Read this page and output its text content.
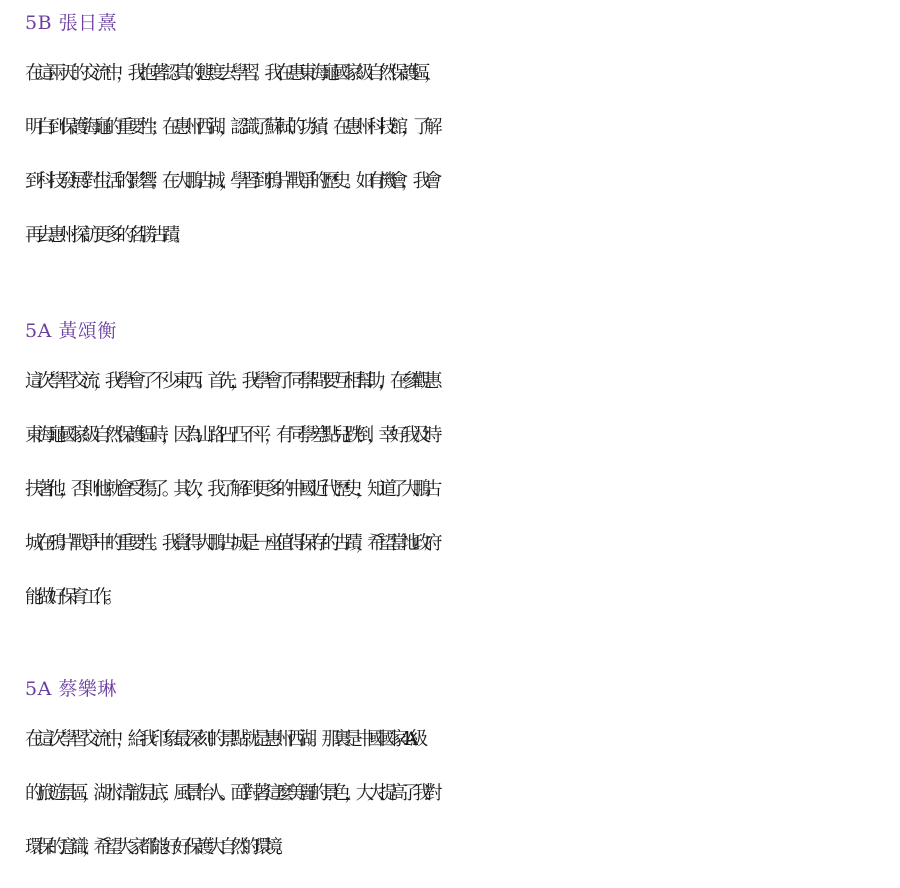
5B 張日熹
在這兩天的交流中，我抱著認真的態度去學習。我在惠東海龜國家級自然保護區，
明白到保護海龜的重要性；在惠州西湖，認識了蘇軾的功績；在惠州科技館，了解
到科技發展對生活的影響；在大鵬古城，學習到鴉片戰爭的歷史。如有機會，我會
再去惠州探訪更多的名勝古蹟。
5A 黃頌衡
這次學習交流，我學會了不少東西。首先，我學會了同學間要互相幫助，在參觀惠
東海龜國家級自然保護區時，因為山路凹凸不平，有同學差點兒跌倒，幸好我及時
扶著他，否則他就會受傷了。其次，我了解到更多的中國近代歷史，知道了大鵬古
城在鴉片戰爭中的重要性。我覺得大鵬古城是一座值得保存的古蹟，希望當地政府
能做好保育工作。
5A 蔡樂琳
在這次學習交流中，給我印象最深刻的景點就是惠州西湖。那裏是中國國家 4A 級
的旅遊景區，湖水清澈見底，風景怡人。面對著這麼美麗的景色，大大提高了我對
環保的意識，希望大家都能好好保護大自然的環境。
